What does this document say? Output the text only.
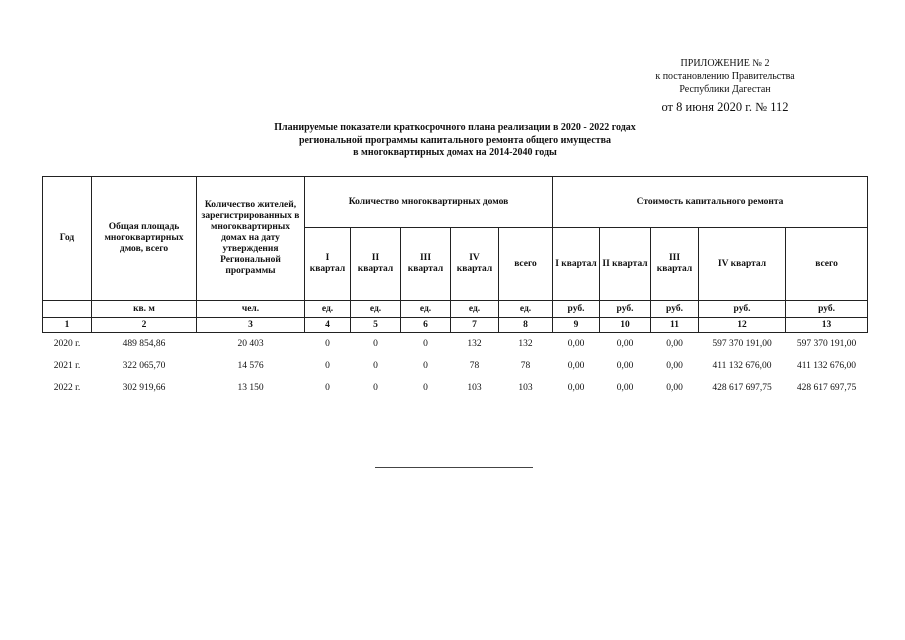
ПРИЛОЖЕНИЕ № 2
к постановлению Правительства
Республики Дагестан
от 8 июня 2020 г. № 112
Планируемые показатели краткосрочного плана реализации в 2020 - 2022 годах
региональной программы капитального ремонта общего имущества
в многоквартирных домах на 2014-2040 годы
Год	Общая площадь многоквартирных дмов, всего	Количество жителей, зарегистрированных в многоквартирных домах на дату утверждения Региональной программы	Количество многоквартирных домов					Стоимость капитального ремонта				
			I квартал	II квартал	III квартал	IV квартал	всего	I квартал	II квартал	III квартал	IV квартал	всего
	кв. м	чел.	ед.	ед.	ед.	ед.	ед.	руб.	руб.	руб.	руб.	руб.
1	2	3	4	5	6	7	8	9	10	11	12	13
2020 г.	489 854,86	20 403	0	0	0	132	132	0,00	0,00	0,00	597 370 191,00	597 370 191,00
2021 г.	322 065,70	14 576	0	0	0	78	78	0,00	0,00	0,00	411 132 676,00	411 132 676,00
2022 г.	302 919,66	13 150	0	0	0	103	103	0,00	0,00	0,00	428 617 697,75	428 617 697,75
